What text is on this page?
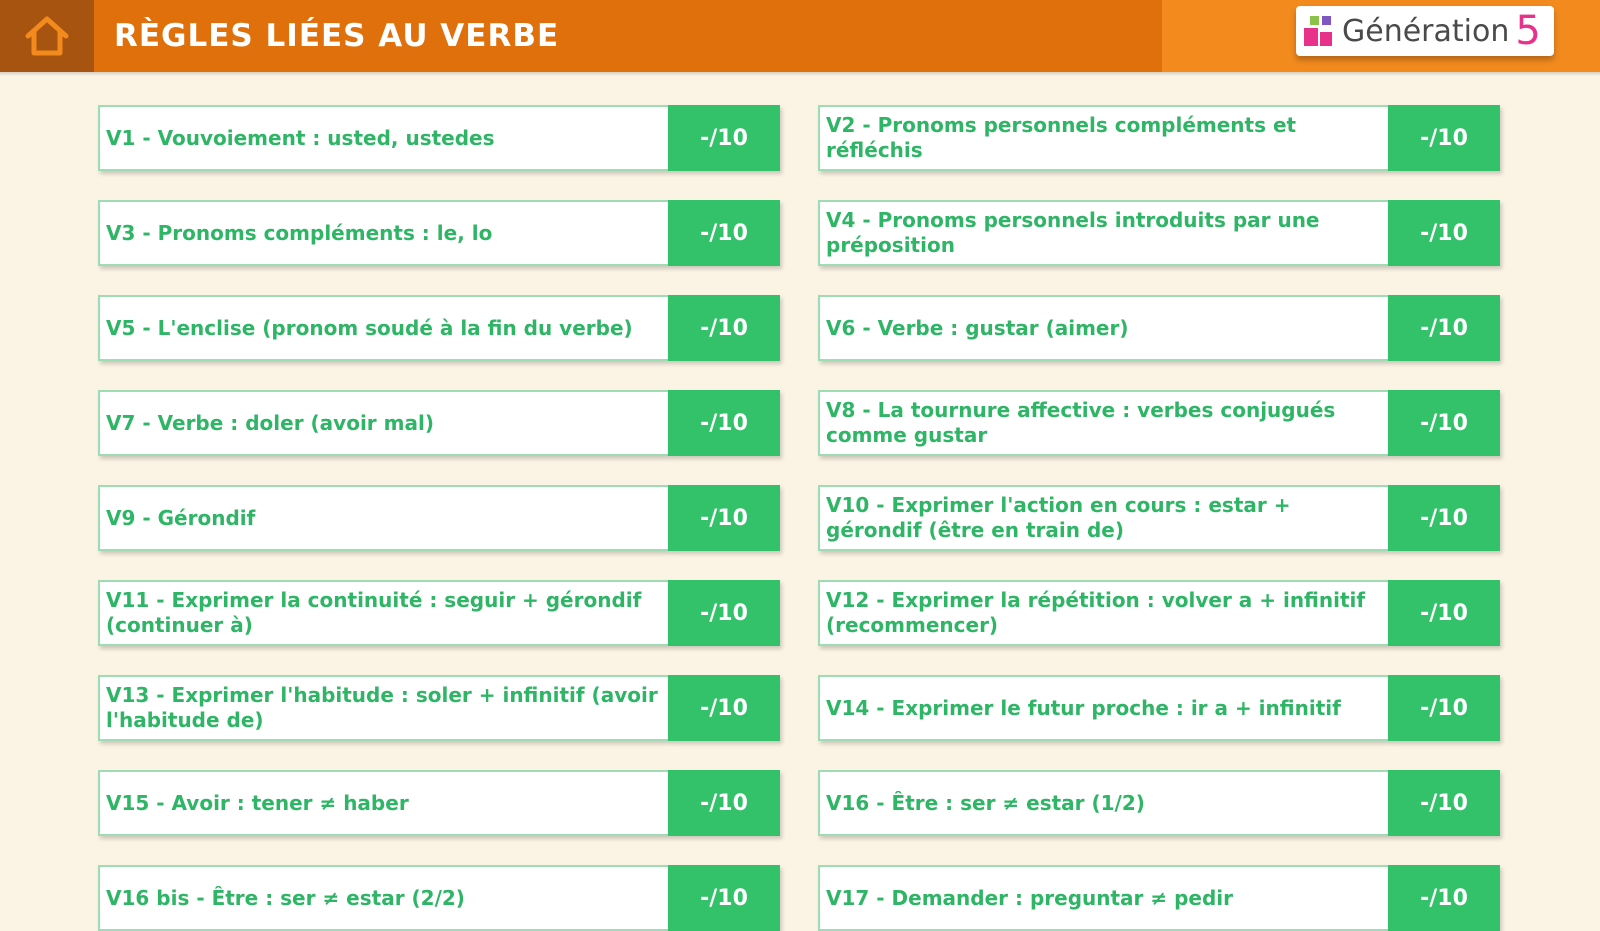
RÈGLES LIÉES AU VERBE	Génération 5
V1 - Vouvoiement : usted, ustedes	-/10
V2 - Pronoms personnels compléments et réfléchis	-/10
V3 - Pronoms compléments : le, lo	-/10
V4 - Pronoms personnels introduits par une préposition	-/10
V5 - L'enclise (pronom soudé à la fin du verbe)	-/10	V6 - Verbe : gustar (aimer)	-/10
V7 - Verbe : doler (avoir mal)	-/10
V8 - La tournure affective : verbes conjugués comme gustar	-/10
V9 - Gérondif	-/10
V10 - Exprimer l'action en cours : estar + gérondif (être en train de)	-/10
V11 - Exprimer la continuité : seguir + gérondif (continuer à)	-/10
V12 - Exprimer la répétition : volver a + infinitif (recommencer)	-/10
V13 - Exprimer l'habitude : soler + infinitif (avoir l'habitude de)	-/10	V14 - Exprimer le futur proche : ir a + infinitif	-/10
V15 - Avoir : tener ≠ haber	-/10	V16 - Être : ser ≠ estar (1/2)	-/10
V16 bis - Être : ser ≠ estar (2/2)	-/10	V17 - Demander : preguntar ≠ pedir	-/10
